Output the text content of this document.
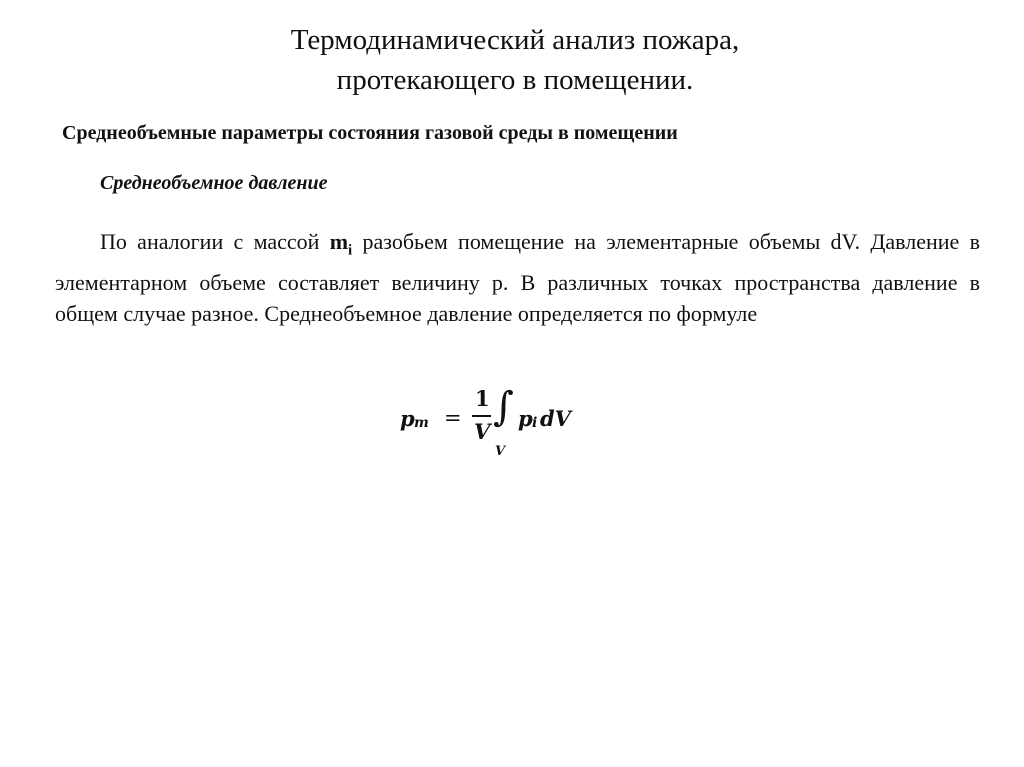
Термодинамический анализ пожара,
протекающего в помещении.
Среднеобъемные параметры состояния газовой среды в помещении
Среднеобъемное давление
По аналогии с массой $m_i$ разобьем помещение на элементарные объемы dV. Давление в элементарном объеме составляет величину p. В различных точках пространства давление в общем случае разное. Среднеобъемное давление определяется по формуле
p m =
1
V
∫
V
p i dV
